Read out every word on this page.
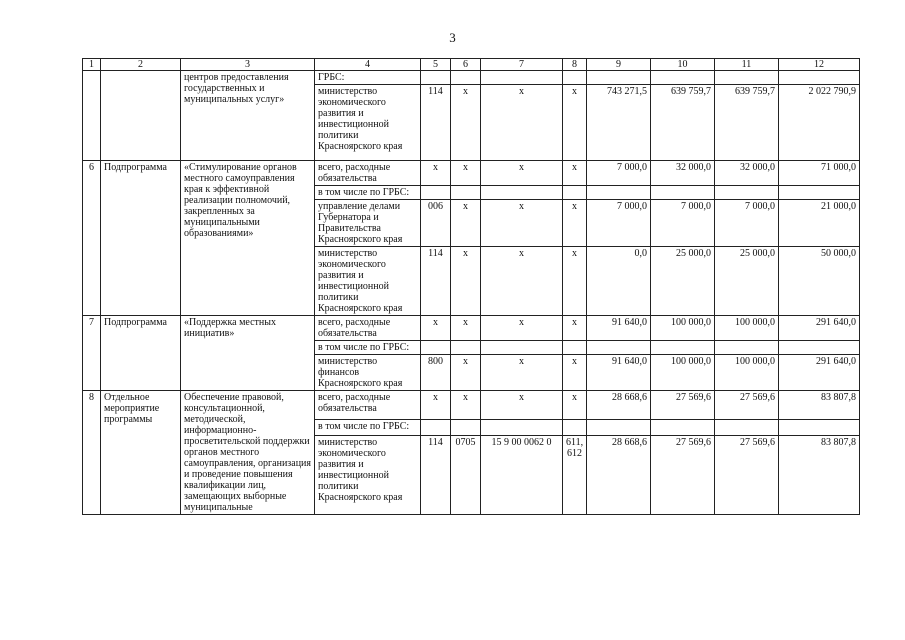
3
1	2	3	4	5	6	7	8	9	10	11	12
		центров предоставления государственных и муниципальных услуг»	ГРБС:								
			министерство экономического развития и инвестиционной политики Красноярского края	114	х	х	х	743 271,5	639 759,7	639 759,7	2 022 790,9
6	Подпрограмма	«Стимулирование органов местного самоуправления края к эффективной реализации полномочий, закрепленных за муниципальными образованиями»	всего, расходные обязательства	х	х	х	х	7 000,0	32 000,0	32 000,0	71 000,0
			в том числе по ГРБС:								
			управление делами Губернатора и Правительства Красноярского края	006	х	х	х	7 000,0	7 000,0	7 000,0	21 000,0
			министерство экономического развития и инвестиционной политики Красноярского края	114	х	х	х	0,0	25 000,0	25 000,0	50 000,0
7	Подпрограмма	«Поддержка местных инициатив»	всего, расходные обязательства	х	х	х	х	91 640,0	100 000,0	100 000,0	291 640,0
			в том числе по ГРБС:								
			министерство финансов Красноярского края	800	х	х	х	91 640,0	100 000,0	100 000,0	291 640,0
8	Отдельное мероприятие программы	Обеспечение правовой, консультационной, методической, информационно-просветительской поддержки органов местного самоуправления, организация и проведение повышения квалификации лиц, замещающих выборные муниципальные	всего, расходные обязательства	х	х	х	х	28 668,6	27 569,6	27 569,6	83 807,8
			в том числе по ГРБС:								
			министерство экономического развития и инвестиционной политики Красноярского края	114	0705	15 9 00 0062 0	611, 612	28 668,6	27 569,6	27 569,6	83 807,8
